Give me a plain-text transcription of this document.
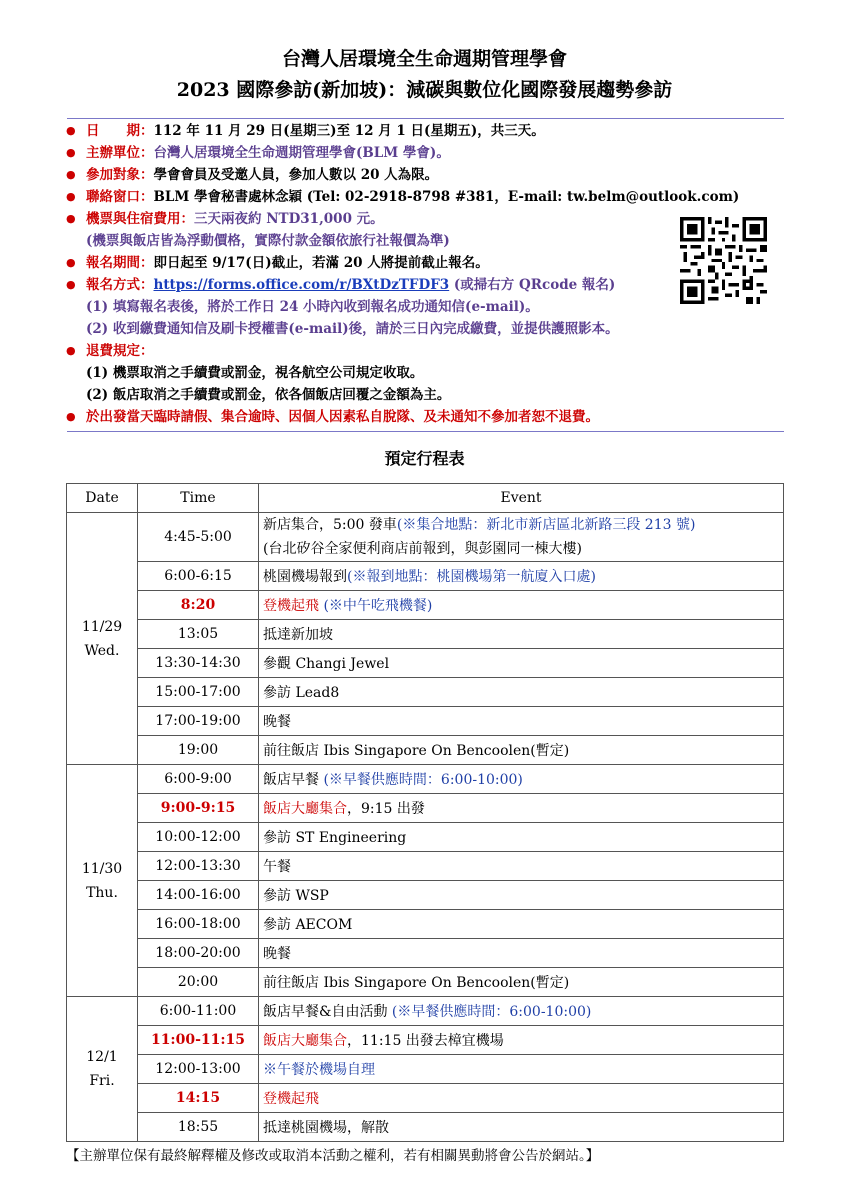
台灣人居環境全生命週期管理學會
2023 國際參訪(新加坡)：減碳與數位化國際發展趨勢參訪
● 日　　期： 112 年 11 月 29 日(星期三)至 12 月 1 日(星期五)，共三天。
● 主辦單位： 台灣人居環境全生命週期管理學會(BLM 學會)。
● 參加對象： 學會會員及受邀人員，參加人數以 20 人為限。
● 聯絡窗口： BLM 學會秘書處林念穎 (Tel: 02-2918-8798 #381，E-mail: tw.belm@outlook.com)
● 機票與住宿費用： 三天兩夜約 NTD31,000 元。
(機票與飯店皆為浮動價格，實際付款金額依旅行社報價為準)
● 報名期間： 即日起至 9/17(日)截止，若滿 20 人將提前截止報名。
● 報名方式： https://forms.office.com/r/BXtDzTFDF3 (或掃右方 QRcode 報名)
(1) 填寫報名表後，將於工作日 24 小時內收到報名成功通知信(e-mail)。
(2) 收到繳費通知信及刷卡授權書(e-mail)後，請於三日內完成繳費，並提供護照影本。
● 退費規定：
(1) 機票取消之手續費或罰金，視各航空公司規定收取。
(2) 飯店取消之手續費或罰金，依各個飯店回覆之金額為主。
● 於出發當天臨時請假、集合逾時、因個人因素私自脫隊、及未通知不參加者恕不退費。
預定行程表
Date	Time	Event
11/29
Wed.	4:45-5:00	新店集合，5:00 發車(※集合地點：新北市新店區北新路三段 213 號)
(台北矽谷全家便利商店前報到，與彭園同一棟大樓)
	6:00-6:15	桃園機場報到(※報到地點：桃園機場第一航廈入口處)
	8:20	登機起飛 (※中午吃飛機餐)
	13:05	抵達新加坡
	13:30-14:30	參觀 Changi Jewel
	15:00-17:00	參訪 Lead8
	17:00-19:00	晚餐
	19:00	前往飯店 Ibis Singapore On Bencoolen(暫定)
11/30
Thu.	6:00-9:00	飯店早餐 (※早餐供應時間：6:00-10:00)
	9:00-9:15	飯店大廳集合，9:15 出發
	10:00-12:00	參訪 ST Engineering
	12:00-13:30	午餐
	14:00-16:00	參訪 WSP
	16:00-18:00	參訪 AECOM
	18:00-20:00	晚餐
	20:00	前往飯店 Ibis Singapore On Bencoolen(暫定)
12/1
Fri.	6:00-11:00	飯店早餐&自由活動 (※早餐供應時間：6:00-10:00)
	11:00-11:15	飯店大廳集合，11:15 出發去樟宜機場
	12:00-13:00	※午餐於機場自理
	14:15	登機起飛
	18:55	抵達桃園機場，解散
【主辦單位保有最終解釋權及修改或取消本活動之權利，若有相關異動將會公告於網站。】
